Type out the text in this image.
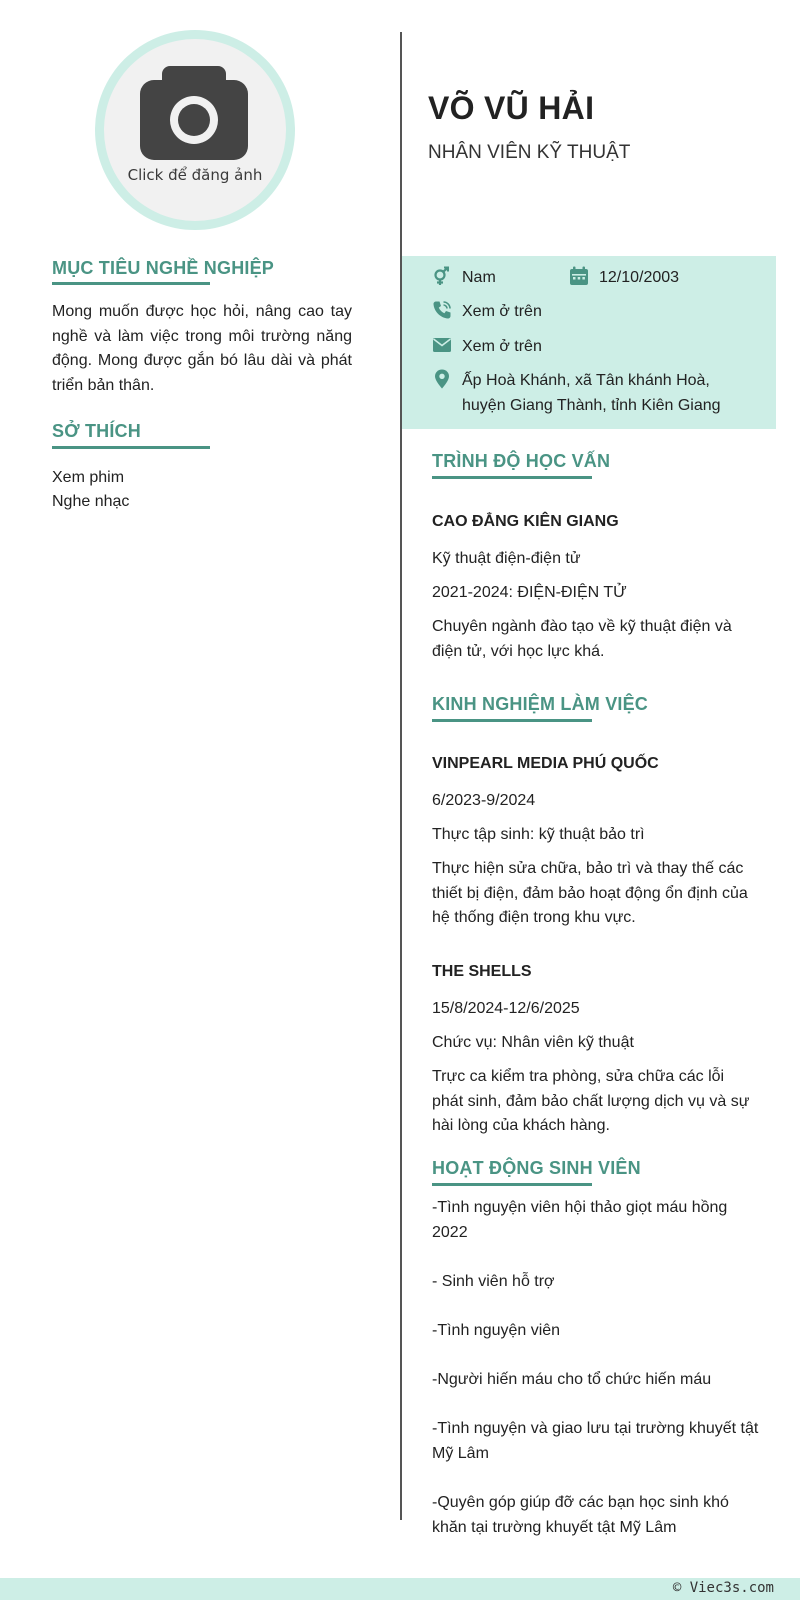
Click để đăng ảnh
MỤC TIÊU NGHỀ NGHIỆP
Mong muốn được học hỏi, nâng cao tay nghề và làm việc trong môi trường năng động. Mong được gắn bó lâu dài và phát triển bản thân.
SỞ THÍCH
Xem phim
Nghe nhạc
VÕ VŨ HẢI
NHÂN VIÊN KỸ THUẬT
Nam	12/10/2003
Xem ở trên
Xem ở trên
Ấp Hoà Khánh, xã Tân khánh Hoà,
huyện Giang Thành, tỉnh Kiên Giang
TRÌNH ĐỘ HỌC VẤN
CAO ĐẲNG KIÊN GIANG
Kỹ thuật điện-điện tử
2021-2024: ĐIỆN-ĐIỆN TỬ
Chuyên ngành đào tạo về kỹ thuật điện và điện tử, với học lực khá.
KINH NGHIỆM LÀM VIỆC
VINPEARL MEDIA PHÚ QUỐC
6/2023-9/2024
Thực tập sinh: kỹ thuật bảo trì
Thực hiện sửa chữa, bảo trì và thay thế các thiết bị điện, đảm bảo hoạt động ổn định của hệ thống điện trong khu vực.
THE SHELLS
15/8/2024-12/6/2025
Chức vụ: Nhân viên kỹ thuật
Trực ca kiểm tra phòng, sửa chữa các lỗi phát sinh, đảm bảo chất lượng dịch vụ và sự hài lòng của khách hàng.
HOẠT ĐỘNG SINH VIÊN
-Tình nguyện viên hội thảo giọt máu hồng 2022
- Sinh viên hỗ trợ
-Tình nguyện viên
-Người hiến máu cho tổ chức hiến máu
-Tình nguyện và giao lưu tại trường khuyết tật Mỹ Lâm
-Quyên góp giúp đỡ các bạn học sinh khó khăn tại trường khuyết tật Mỹ Lâm
© Viec3s.com
